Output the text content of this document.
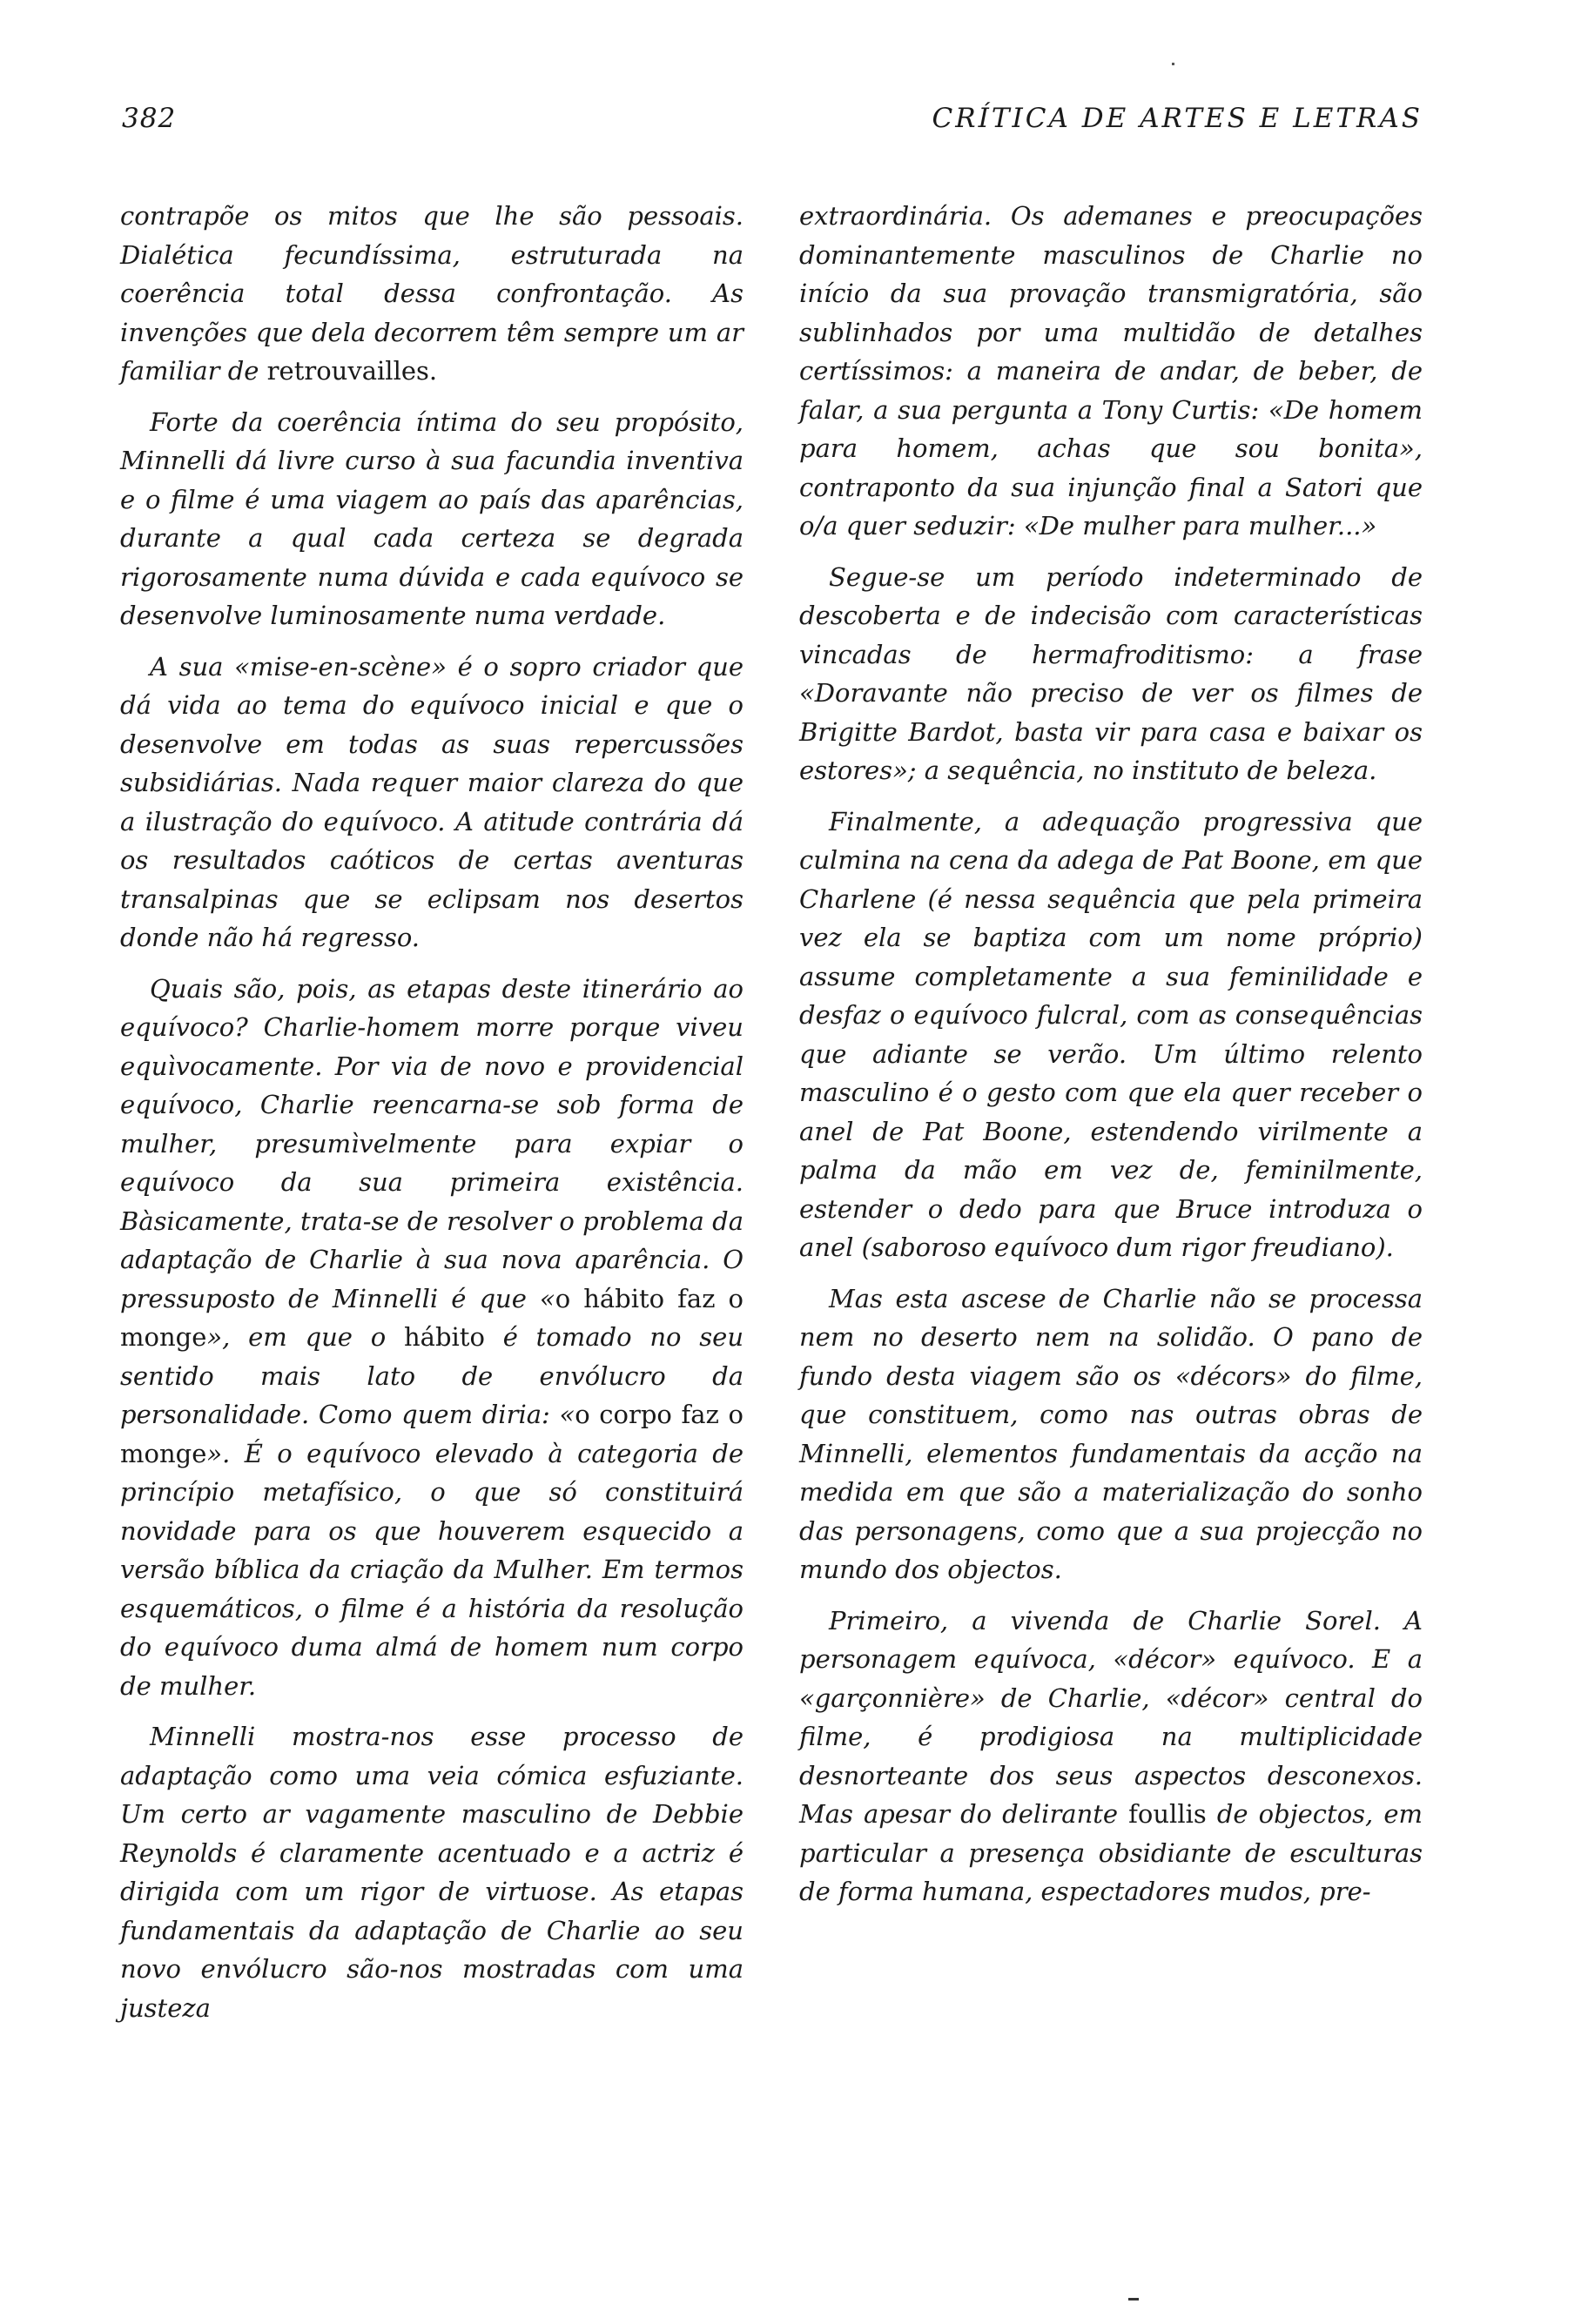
382	CRÍTICA DE ARTES E LETRAS

contrapõe os mitos que lhe são pessoais. Dialética fecundíssima, estruturada na coerência total dessa confrontação. As invenções que dela decorrem têm sempre um ar familiar de retrouvailles.

Forte da coerência íntima do seu propósito, Minnelli dá livre curso à sua facundia inventiva e o filme é uma viagem ao país das aparências, durante a qual cada certeza se degrada rigorosamente numa dúvida e cada equívoco se desenvolve luminosamente numa verdade.

A sua «mise-en-scène» é o sopro criador que dá vida ao tema do equívoco inicial e que o desenvolve em todas as suas repercussões subsidiárias. Nada requer maior clareza do que a ilustração do equívoco. A atitude contrária dá os resultados caóticos de certas aventuras transalpinas que se eclipsam nos desertos donde não há regresso.

Quais são, pois, as etapas deste itinerário ao equívoco? Charlie-homem morre porque viveu equìvocamente. Por via de novo e providencial equívoco, Charlie reencarna-se sob forma de mulher, presumìvelmente para expiar o equívoco da sua primeira existência. Bàsicamente, trata-se de resolver o problema da adaptação de Charlie à sua nova aparência. O pressuposto de Minnelli é que «o hábito faz o monge», em que o hábito é tomado no seu sentido mais lato de envólucro da personalidade. Como quem diria: «o corpo faz o monge». É o equívoco elevado à categoria de princípio metafísico, o que só constituirá novidade para os que houverem esquecido a versão bíblica da criação da Mulher. Em termos esquemáticos, o filme é a história da resolução do equívoco duma almá de homem num corpo de mulher.

Minnelli mostra-nos esse processo de adaptação como uma veia cómica esfuziante. Um certo ar vagamente masculino de Debbie Reynolds é claramente acentuado e a actriz é dirigida com um rigor de virtuose. As etapas fundamentais da adaptação de Charlie ao seu novo envólucro são-nos mostradas com uma justeza

extraordinária. Os ademanes e preocupações dominantemente masculinos de Charlie no início da sua provação transmigratória, são sublinhados por uma multidão de detalhes certíssimos: a maneira de andar, de beber, de falar, a sua pergunta a Tony Curtis: «De homem para homem, achas que sou bonita», contraponto da sua injunção final a Satori que o/a quer seduzir: «De mulher para mulher...»

Segue-se um período indeterminado de descoberta e de indecisão com características vincadas de hermafroditismo: a frase «Doravante não preciso de ver os filmes de Brigitte Bardot, basta vir para casa e baixar os estores»; a sequência, no instituto de beleza.

Finalmente, a adequação progressiva que culmina na cena da adega de Pat Boone, em que Charlene (é nessa sequência que pela primeira vez ela se baptiza com um nome próprio) assume completamente a sua feminilidade e desfaz o equívoco fulcral, com as consequências que adiante se verão. Um último relento masculino é o gesto com que ela quer receber o anel de Pat Boone, estendendo virilmente a palma da mão em vez de, feminilmente, estender o dedo para que Bruce introduza o anel (saboroso equívoco dum rigor freudiano).

Mas esta ascese de Charlie não se processa nem no deserto nem na solidão. O pano de fundo desta viagem são os «décors» do filme, que constituem, como nas outras obras de Minnelli, elementos fundamentais da acção na medida em que são a materialização do sonho das personagens, como que a sua projecção no mundo dos objectos.

Primeiro, a vivenda de Charlie Sorel. A personagem equívoca, «décor» equívoco. E a «garçonnière» de Charlie, «décor» central do filme, é prodigiosa na multiplicidade desnorteante dos seus aspectos desconexos. Mas apesar do delirante foullis de objectos, em particular a presença obsidiante de esculturas de forma humana, espectadores mudos, pre-
